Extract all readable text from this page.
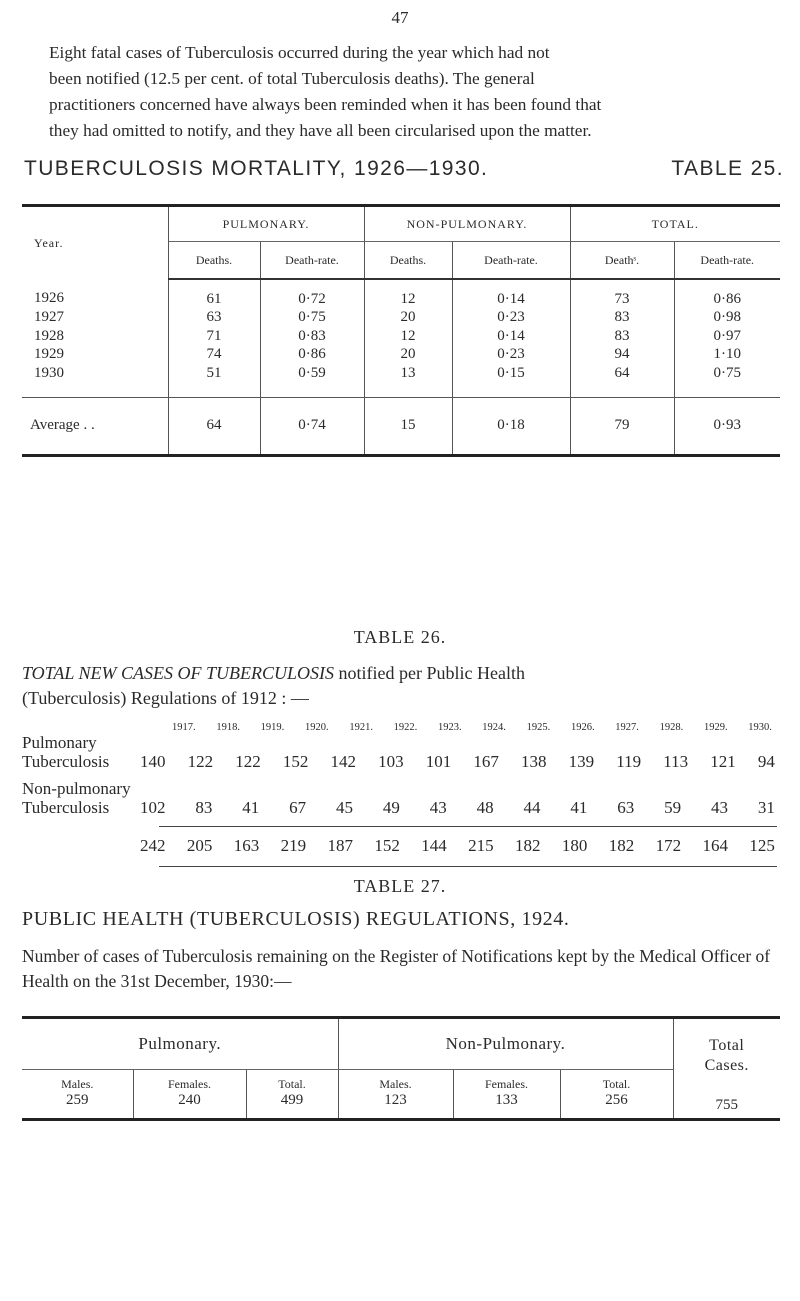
47
Eight fatal cases of Tuberculosis occurred during the year which had not
been notified (12.5 per cent. of total Tuberculosis deaths). The general
practitioners concerned have always been reminded when it has been found that
they had omitted to notify, and they have all been circularised upon the matter.
TUBERCULOSIS MORTALITY, 1926—1930.	TABLE 25.
Year.	PULMONARY.		NON-PULMONARY.		TOTAL.	
	Deaths.	Death-rate.	Deaths.	Death-rate.	Deathˢ.	Death-rate.
1926	61	0·72	12	0·14	73	0·86
1927	63	0·75	20	0·23	83	0·98
1928	71	0·83	12	0·14	83	0·97
1929	74	0·86	20	0·23	94	1·10
1930	51	0·59	13	0·15	64	0·75
Average . .	64	0·74	15	0·18	79	0·93
TABLE 26.
TOTAL NEW CASES OF TUBERCULOSIS notified per Public Health
(Tuberculosis) Regulations of 1912 : —
1917. 1918. 1919. 1920. 1921. 1922. 1923. 1924. 1925. 1926. 1927. 1928. 1929. 1930.
Pulmonary
Tuberculosis 140 122 122 152 142 103 101 167 138 139 119 113 121 94
Non-pulmonary
Tuberculosis	102 83 41 67 45 49 43 48 44 41 63 59 43 31
242 205 163 219 187 152 144 215 182 180 182 172 164 125
TABLE 27.
PUBLIC HEALTH (TUBERCULOSIS) REGULATIONS, 1924.
Number of cases of Tuberculosis remaining on the Register of Notifications kept by the Medical Officer of Health on the 31st December, 1930:—
Pulmonary.			Non-Pulmonary.			Total
Cases.

Males.	Females.	Total.	Males.	Females.	Total.	
259	240	499	123	133	256	755
